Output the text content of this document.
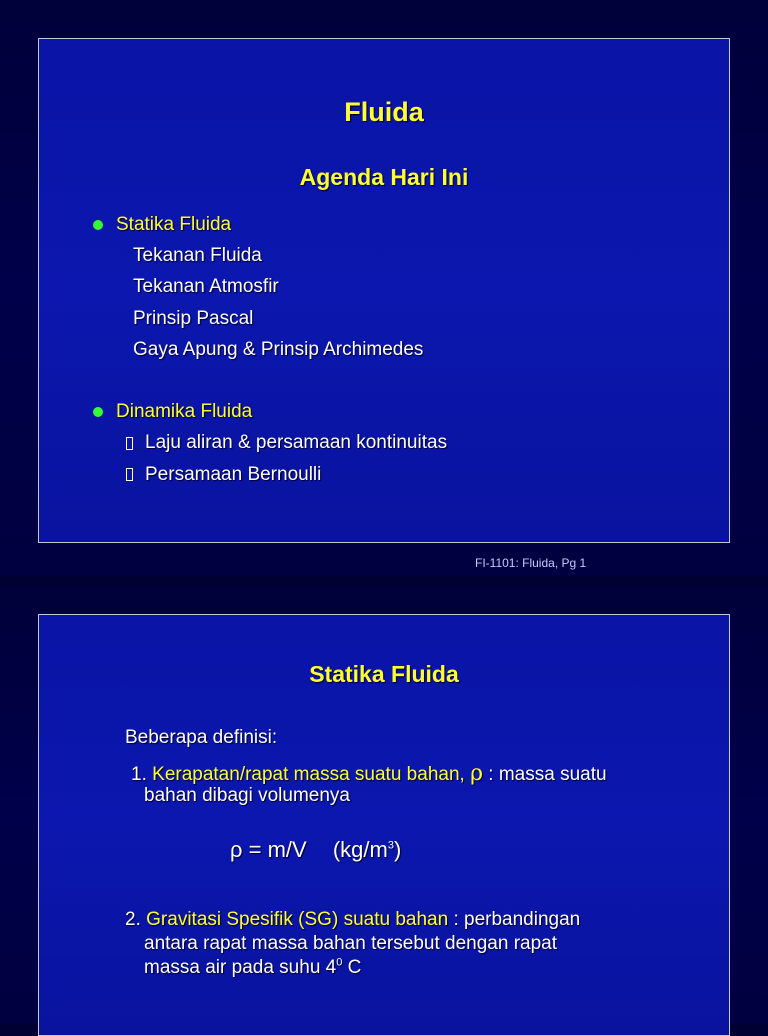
Fluida
Agenda Hari Ini
Statika Fluida
Tekanan Fluida
Tekanan Atmosfir
Prinsip Pascal
Gaya Apung & Prinsip Archimedes
Dinamika Fluida
Laju aliran & persamaan kontinuitas
Persamaan Bernoulli
FI-1101: Fluida, Pg 1
Statika Fluida
Beberapa definisi:
1. Kerapatan/rapat massa suatu bahan, ρ : massa suatu
bahan dibagi volumenya
ρ = m/V $(kg/m^3)$
2. Gravitasi Spesifik (SG) suatu bahan : perbandingan
antara rapat massa bahan tersebut dengan rapat
massa air pada suhu $4^0$ C
